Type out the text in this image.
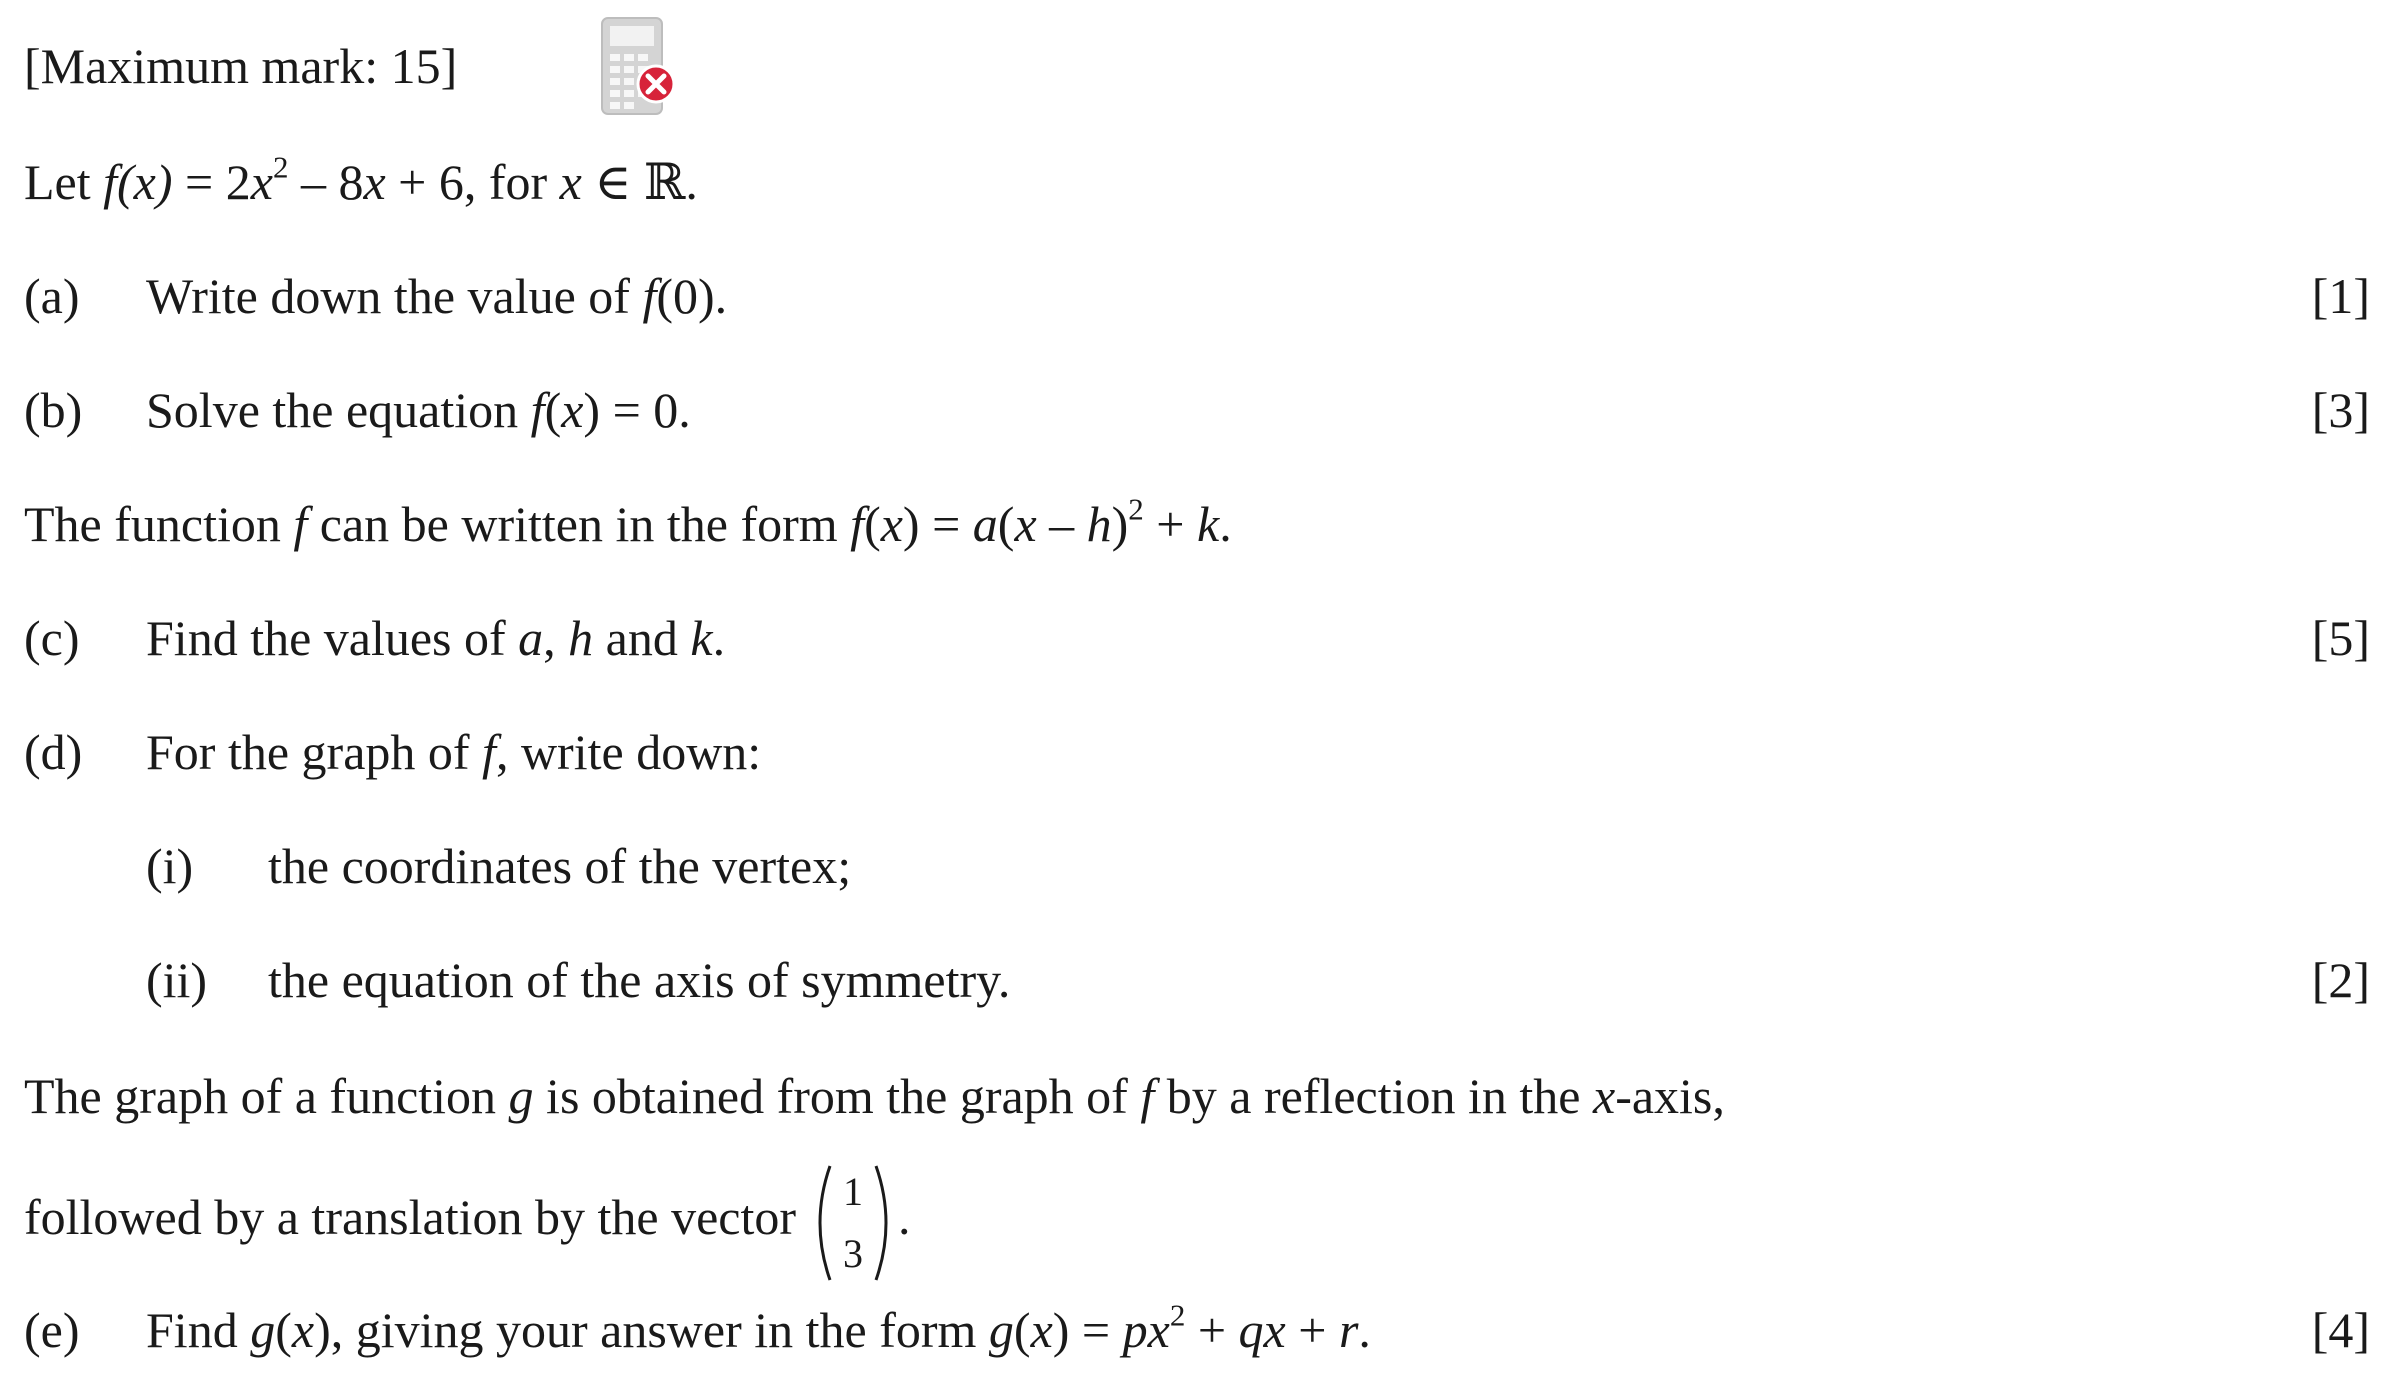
[Maximum mark: 15]
Let $f(x) = 2x^2 - 8x + 6$, for x ∈ ℝ.
(a) Write down the value of f(0).	[1]
(b) Solve the equation f(x) = 0.	[3]
The function f can be written in the form f(x) = a(x – h)$^2$ + k.
(c) Find the values of a, h and k.	[5]
(d) For the graph of f, write down:
(i) the coordinates of the vertex;
(ii) the equation of the axis of symmetry.	[2]
The graph of a function g is obtained from the graph of f by a reflection in the x-axis,
followed by a translation by the vector	1
3
.
(e) Find g(x), giving your answer in the form $g(x) = px^2$ + qx + r.	[4]
